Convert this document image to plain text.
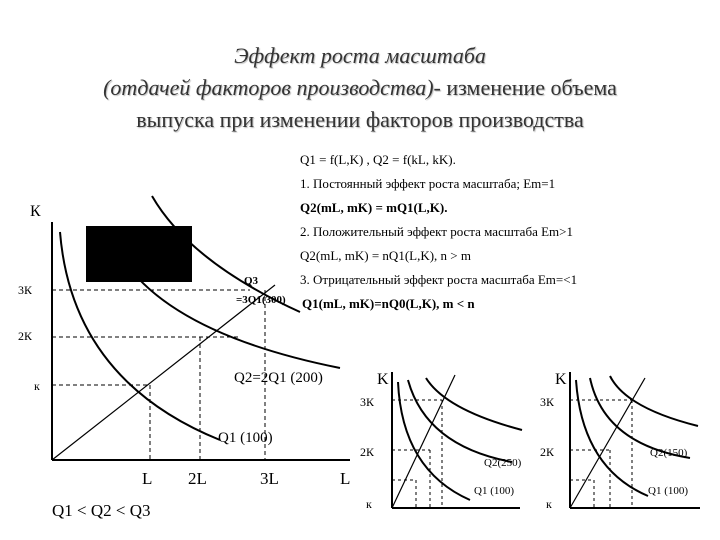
Эффект роста масштаба
(отдачей факторов производства)- изменение объема
выпуска при изменении факторов производства
Q1 = f(L,K) , Q2 = f(kL, kK).
1. Постоянный эффект роста масштаба; Еm=1
Q2(mL, mK) = mQ1(L,K).
2. Положительный эффект роста масштаба Еm>1
Q2(mL, mK) = nQ1(L,K), n > m
3. Отрицательный эффект роста масштаба Еm=<1
Q1(mL, mK)=nQ0(L,K), m < n
К
3К
2К
к
L 2L	3L	L
Q3
=3Q1(300)
Q2=2Q1 (200)
Q1 (100)
Q1 < Q2 < Q3
K
3К
2К
к
Q2(250)
Q1 (100)
K
3К
2К
к
Q2(150)
Q1 (100)
